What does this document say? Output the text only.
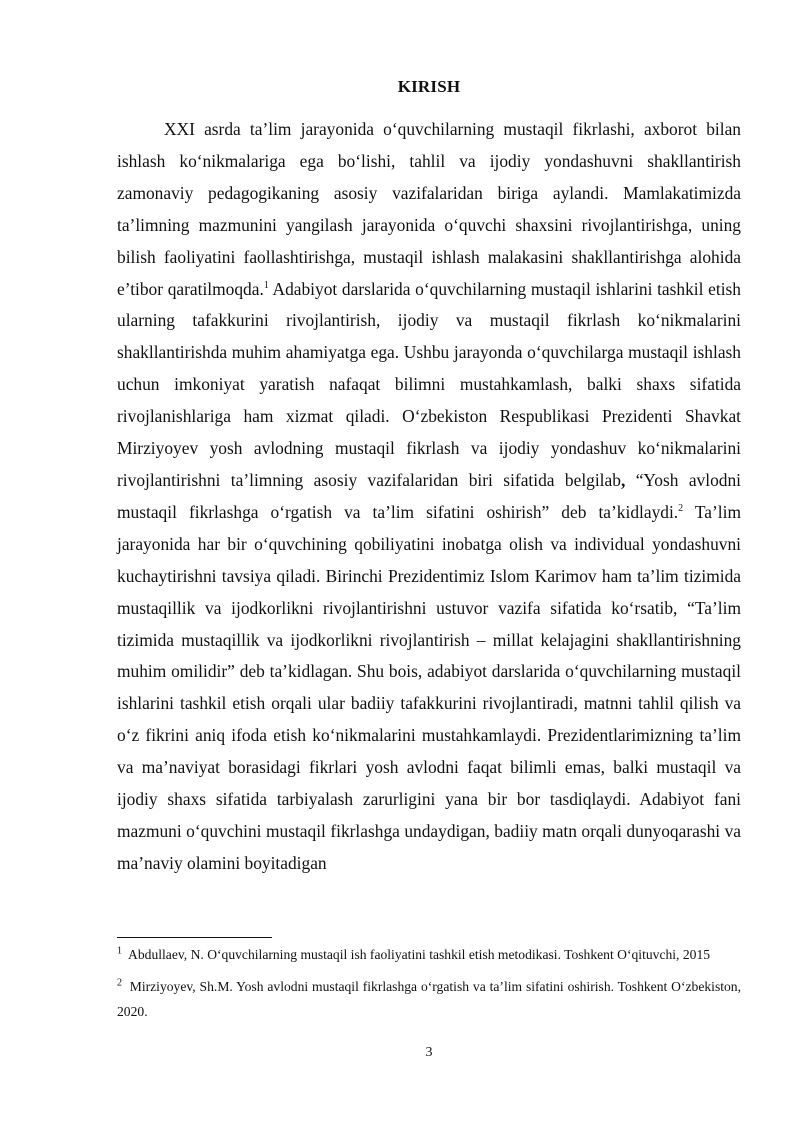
KIRISH

XXI asrda ta’lim jarayonida o‘quvchilarning mustaqil fikrlashi, axborot bilan ishlash ko‘nikmalariga ega bo‘lishi, tahlil va ijodiy yondashuvni shakllantirish zamonaviy pedagogikaning asosiy vazifalaridan biriga aylandi. Mamlakatimizda ta’limning mazmunini yangilash jarayonida o‘quvchi shaxsini rivojlantirishga, uning bilish faoliyatini faollashtirishga, mustaqil ishlash malakasini shakllantirishga alohida e’tibor qaratilmoqda.$^1$ Adabiyot darslarida o‘quvchilarning mustaqil ishlarini tashkil etish ularning tafakkurini rivojlantirish, ijodiy va mustaqil fikrlash ko‘nikmalarini shakllantirishda muhim ahamiyatga ega. Ushbu jarayonda o‘quvchilarga mustaqil ishlash uchun imkoniyat yaratish nafaqat bilimni mustahkamlash, balki shaxs sifatida rivojlanishlariga ham xizmat qiladi. O‘zbekiston Respublikasi Prezidenti Shavkat Mirziyoyev yosh avlodning mustaqil fikrlash va ijodiy yondashuv ko‘nikmalarini rivojlantirishni ta’limning asosiy vazifalaridan biri sifatida belgilab, “Yosh avlodni mustaqil fikrlashga o‘rgatish va ta’lim sifatini oshirish” deb ta’kidlaydi.$^2$ Ta’lim jarayonida har bir o‘quvchining qobiliyatini inobatga olish va individual yondashuvni kuchaytirishni tavsiya qiladi. Birinchi Prezidentimiz Islom Karimov ham ta’lim tizimida mustaqillik va ijodkorlikni rivojlantirishni ustuvor vazifa sifatida ko‘rsatib, “Ta’lim tizimida mustaqillik va ijodkorlikni rivojlantirish – millat kelajagini shakllantirishning muhim omilidir” deb ta’kidlagan. Shu bois, adabiyot darslarida o‘quvchilarning mustaqil ishlarini tashkil etish orqali ular badiiy tafakkurini rivojlantiradi, matnni tahlil qilish va o‘z fikrini aniq ifoda etish ko‘nikmalarini mustahkamlaydi. Prezidentlarimizning ta’lim va ma’naviyat borasidagi fikrlari yosh avlodni faqat bilimli emas, balki mustaqil va ijodiy shaxs sifatida tarbiyalash zarurligini yana bir bor tasdiqlaydi. Adabiyot fani mazmuni o‘quvchini mustaqil fikrlashga undaydigan, badiiy matn orqali dunyoqarashi va ma’naviy olamini boyitadigan

$^1$ Abdullaev, N. O‘quvchilarning mustaqil ish faoliyatini tashkil etish metodikasi. Toshkent O‘qituvchi, 2015

$^2$ Mirziyoyev, Sh.M. Yosh avlodni mustaqil fikrlashga o‘rgatish va ta’lim sifatini oshirish. Toshkent O‘zbekiston, 2020.

3
